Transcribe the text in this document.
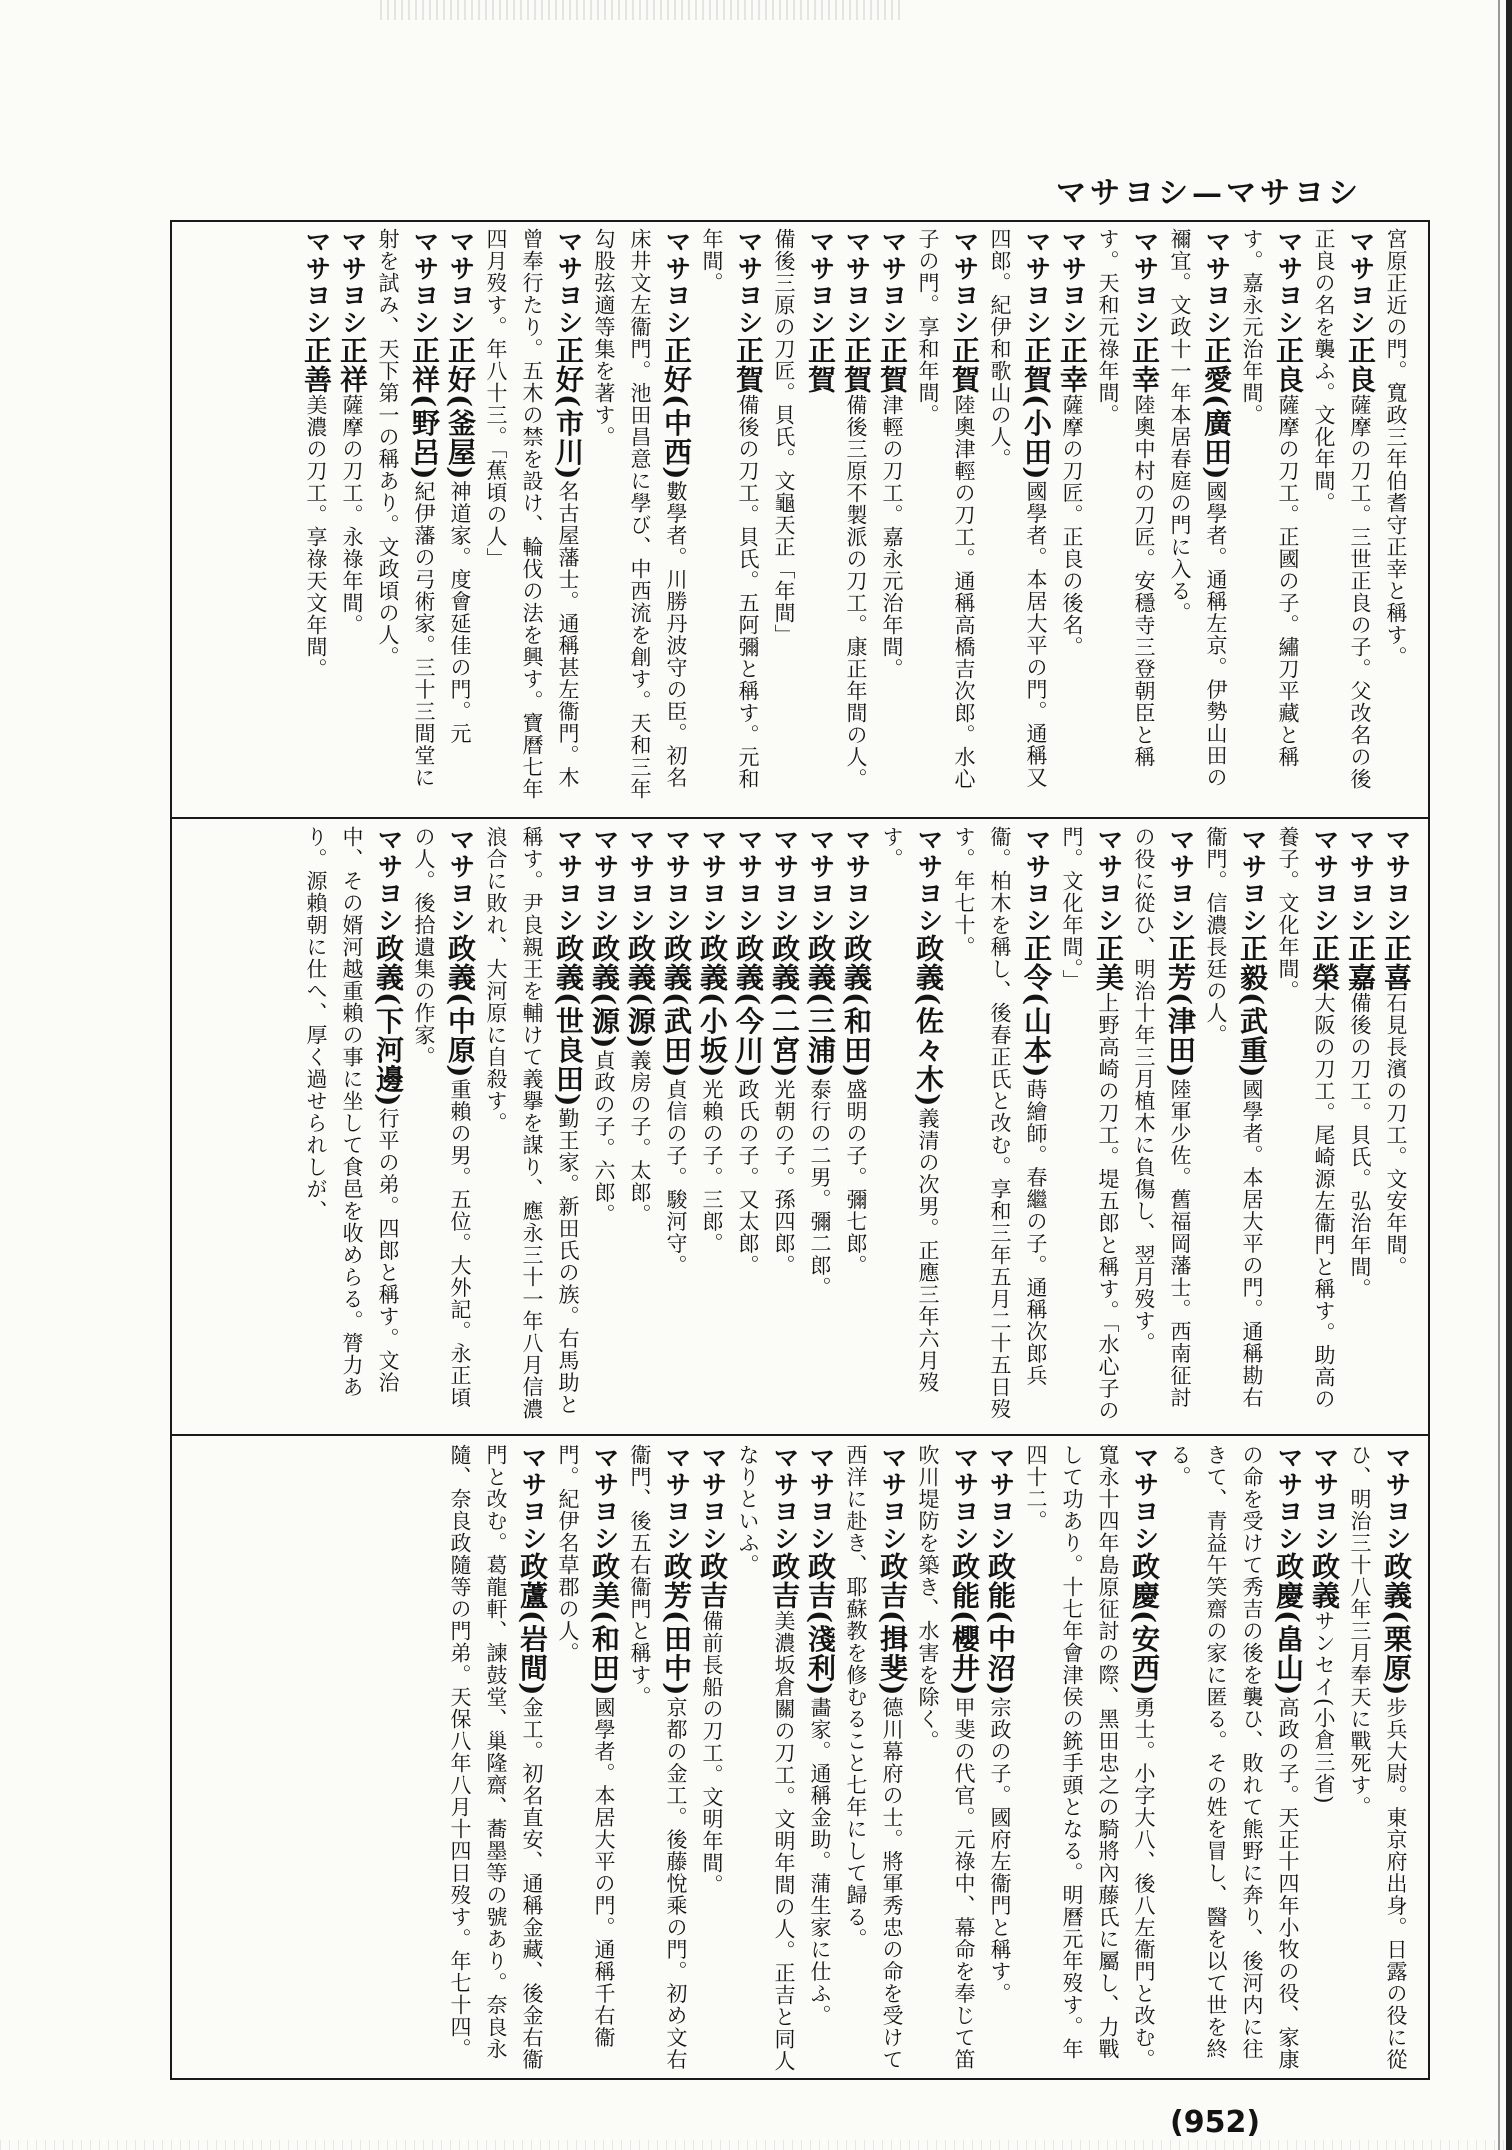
マサヨシ—マサヨシ

宮原正近の門。寬政三年伯耆守正幸と稱す。

マサヨシ正良薩摩の刀工。三世正良の子。父改名の後正良の名を襲ふ。文化年間。

マサヨシ正良薩摩の刀工。正國の子。繡刀平藏と稱す。嘉永元治年間。

マサヨシ正愛(廣田)國學者。通稱左京。伊勢山田の禰宜。文政十一年本居春庭の門に入る。

マサヨシ正幸陸奧中村の刀匠。安穩寺三登朝臣と稱す。天和元祿年間。

マサヨシ正幸薩摩の刀匠。正良の後名。

マサヨシ正賀(小田)國學者。本居大平の門。通稱又四郎。紀伊和歌山の人。

マサヨシ正賀陸奧津輕の刀工。通稱高橋吉次郎。水心子の門。享和年間。

マサヨシ正賀津輕の刀工。嘉永元治年間。

マサヨシ正賀備後三原不製派の刀工。康正年間の人。

マサヨシ正賀備後三原の刀匠。貝氏。文龜天正「年間」

マサヨシ正賀備後の刀工。貝氏。五阿彌と稱す。元和年間。

マサヨシ正好(中西)數學者。川勝丹波守の臣。初名床井文左衞門。池田昌意に學び、中西流を創す。天和三年勾股弦適等集を著す。

マサヨシ正好(市川)名古屋藩士。通稱甚左衞門。木曾奉行たり。五木の禁を設け、輪伐の法を興す。寶曆七年四月歿す。年八十三。「蕉頃の人」

マサヨシ正好(釜屋)神道家。度會延佳の門。元

マサヨシ正祥(野呂)紀伊藩の弓術家。三十三間堂に射を試み、天下第一の稱あり。文政頃の人。

マサヨシ正祥薩摩の刀工。永祿年間。

マサヨシ正善美濃の刀工。享祿天文年間。

マサヨシ正喜石見長濱の刀工。文安年間。

マサヨシ正嘉備後の刀工。貝氏。弘治年間。

マサヨシ正榮大阪の刀工。尾崎源左衞門と稱す。助高の養子。文化年間。

マサヨシ正毅(武重)國學者。本居大平の門。通稱勘右衞門。信濃長廷の人。

マサヨシ正芳(津田)陸軍少佐。舊福岡藩士。西南征討の役に從ひ、明治十年三月植木に負傷し、翌月歿す。

マサヨシ正美上野高崎の刀工。堤五郎と稱す。「水心子の門。文化年間。」

マサヨシ正令(山本)蒔繪師。春繼の子。通稱次郎兵衞。柏木を稱し、後春正氏と改む。享和三年五月二十五日歿す。年七十。

マサヨシ政義(佐々木)義清の次男。正應三年六月歿す。

マサヨシ政義(和田)盛明の子。彌七郎。

マサヨシ政義(三浦)泰行の二男。彌二郎。

マサヨシ政義(二宮)光朝の子。孫四郎。

マサヨシ政義(今川)政氏の子。又太郎。

マサヨシ政義(小坂)光賴の子。三郎。

マサヨシ政義(武田)貞信の子。駿河守。

マサヨシ政義(源)義房の子。太郎。

マサヨシ政義(源)貞政の子。六郎。

マサヨシ政義(世良田)勤王家。新田氏の族。右馬助と稱す。尹良親王を輔けて義擧を謀り、應永三十一年八月信濃浪合に敗れ、大河原に自殺す。

マサヨシ政義(中原)重賴の男。五位。大外記。永正頃の人。後拾遺集の作家。

マサヨシ政義(下河邊)行平の弟。四郎と稱す。文治中、その婿河越重賴の事に坐して食邑を收めらる。膂力あり。源賴朝に仕へ、厚く過せられしが、

マサヨシ政義(栗原)步兵大尉。東京府出身。日露の役に從ひ、明治三十八年三月奉天に戰死す。

マサヨシ政義サンセイ(小倉三省)

マサヨシ政慶(畠山)高政の子。天正十四年小牧の役、家康の命を受けて秀吉の後を襲ひ、敗れて熊野に奔り、後河内に往きて、青益午笑齋の家に匿る。その姓を冒し、醫を以て世を終る。

マサヨシ政慶(安西)勇士。小字大八、後八左衞門と改む。寬永十四年島原征討の際、黑田忠之の騎將內藤氏に屬し、力戰して功あり。十七年會津侯の銃手頭となる。明曆元年歿す。年四十二。

マサヨシ政能(中沼)宗政の子。國府左衞門と稱す。

マサヨシ政能(櫻井)甲斐の代官。元祿中、幕命を奉じて笛吹川堤防を築き、水害を除く。

マサヨシ政吉(揖斐)德川幕府の士。將軍秀忠の命を受けて西洋に赴き、耶蘇教を修むること七年にして歸る。

マサヨシ政吉(淺利)畵家。通稱金助。蒲生家に仕ふ。

マサヨシ政吉美濃坂倉關の刀工。文明年間の人。正吉と同人なりといふ。

マサヨシ政吉備前長船の刀工。文明年間。

マサヨシ政芳(田中)京都の金工。後藤悅乘の門。初め文右衞門、後五右衞門と稱す。

マサヨシ政美(和田)國學者。本居大平の門。通稱千右衞門。紀伊名草郡の人。

マサヨシ政蘆(岩間)金工。初名直安、通稱金藏、後金右衞門と改む。葛龍軒、諫鼓堂、巢隆齋、蕎墨等の號あり。奈良永隨、奈良政隨等の門弟。天保八年八月十四日歿す。年七十四。

(952)
